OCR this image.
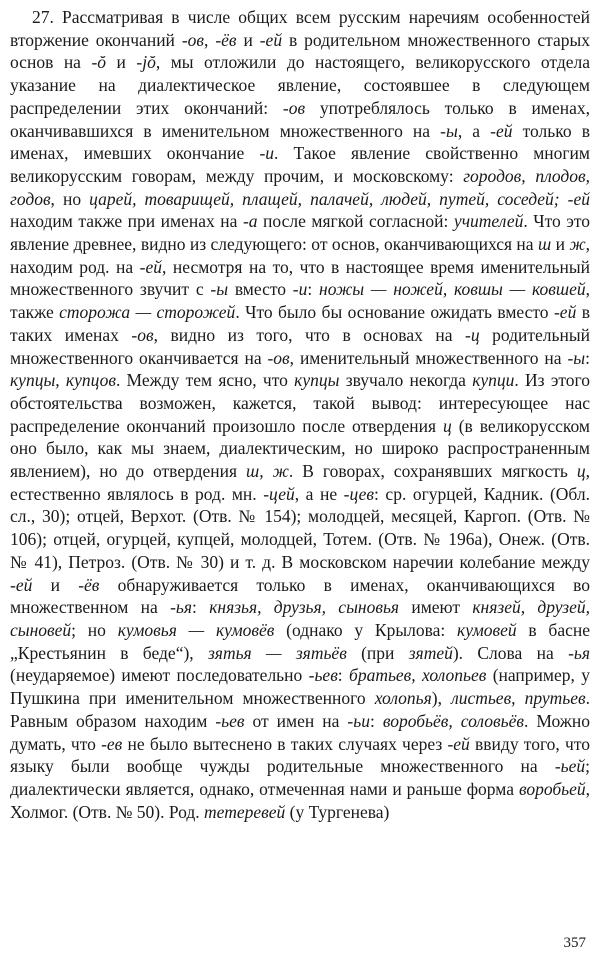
27. Рассматривая в числе общих всем русским наречиям особенностей вторжение окончаний -ов, -ёв и -ей в родительном множественного старых основ на -ŏ и -jŏ, мы отложили до настоящего, великорусского отдела указание на диалектическое явление, состоявшее в следующем распределении этих окончаний: -ов употреблялось только в именах, оканчивавшихся в именительном множественного на -ы, а -ей только в именах, имевших окончание -и. Такое явление свойственно многим великорусским говорам, между прочим, и московскому: городов, плодов, годов, но царей, товарищей, плащей, палачей, людей, путей, соседей; -ей находим также при именах на -а после мягкой согласной: учителей. Что это явление древнее, видно из следующего: от основ, оканчивающихся на ш и ж, находим род. на -ей, несмотря на то, что в настоящее время именительный множественного звучит с -ы вместо -и: ножы — ножей, ковшы — ковшей, также сторожа — сторожей. Что было бы основание ожидать вместо -ей в таких именах -ов, видно из того, что в основах на -ц родительный множественного оканчивается на -ов, именительный множественного на -ы: купцы, купцов. Между тем ясно, что купцы звучало некогда купци. Из этого обстоятельства возможен, кажется, такой вывод: интересующее нас распределение окончаний произошло после отвердения ц (в великорусском оно было, как мы знаем, диалектическим, но широко распространенным явлением), но до отвердения ш, ж. В говорах, сохранявших мягкость ц, естественно являлось в род. мн. -цей, а не -цев: ср. огурцей, Кадник. (Обл. сл., 30); отцей, Верхот. (Отв. № 154); молодцей, месяцей, Каргоп. (Отв. № 106); отцей, огурцей, купцей, молодцей, Тотем. (Отв. № 196а), Онеж. (Отв. № 41), Петроз. (Отв. № 30) и т. д. В московском наречии колебание между -ей и -ёв обнаруживается только в именах, оканчивающихся во множественном на -ья: князья, друзья, сыновья имеют князей, друзей, сыновей; но кумовья — кумовёв (однако у Крылова: кумовей в басне „Крестьянин в беде“), зятья — зятьёв (при зятей). Слова на -ья (неударяемое) имеют последовательно -ьев: братьев, холопьев (например, у Пушкина при именительном множественного холопья), листьев, прутьев. Равным образом находим -ьев от имен на -ьи: воробьёв, соловьёв. Можно думать, что -ев не было вытеснено в таких случаях через -ей ввиду того, что языку были вообще чужды родительные множественного на -ьей; диалектически является, однако, отмеченная нами и раньше форма воробьей, Холмог. (Отв. № 50). Род. тетеревей (у Тургенева)

357
